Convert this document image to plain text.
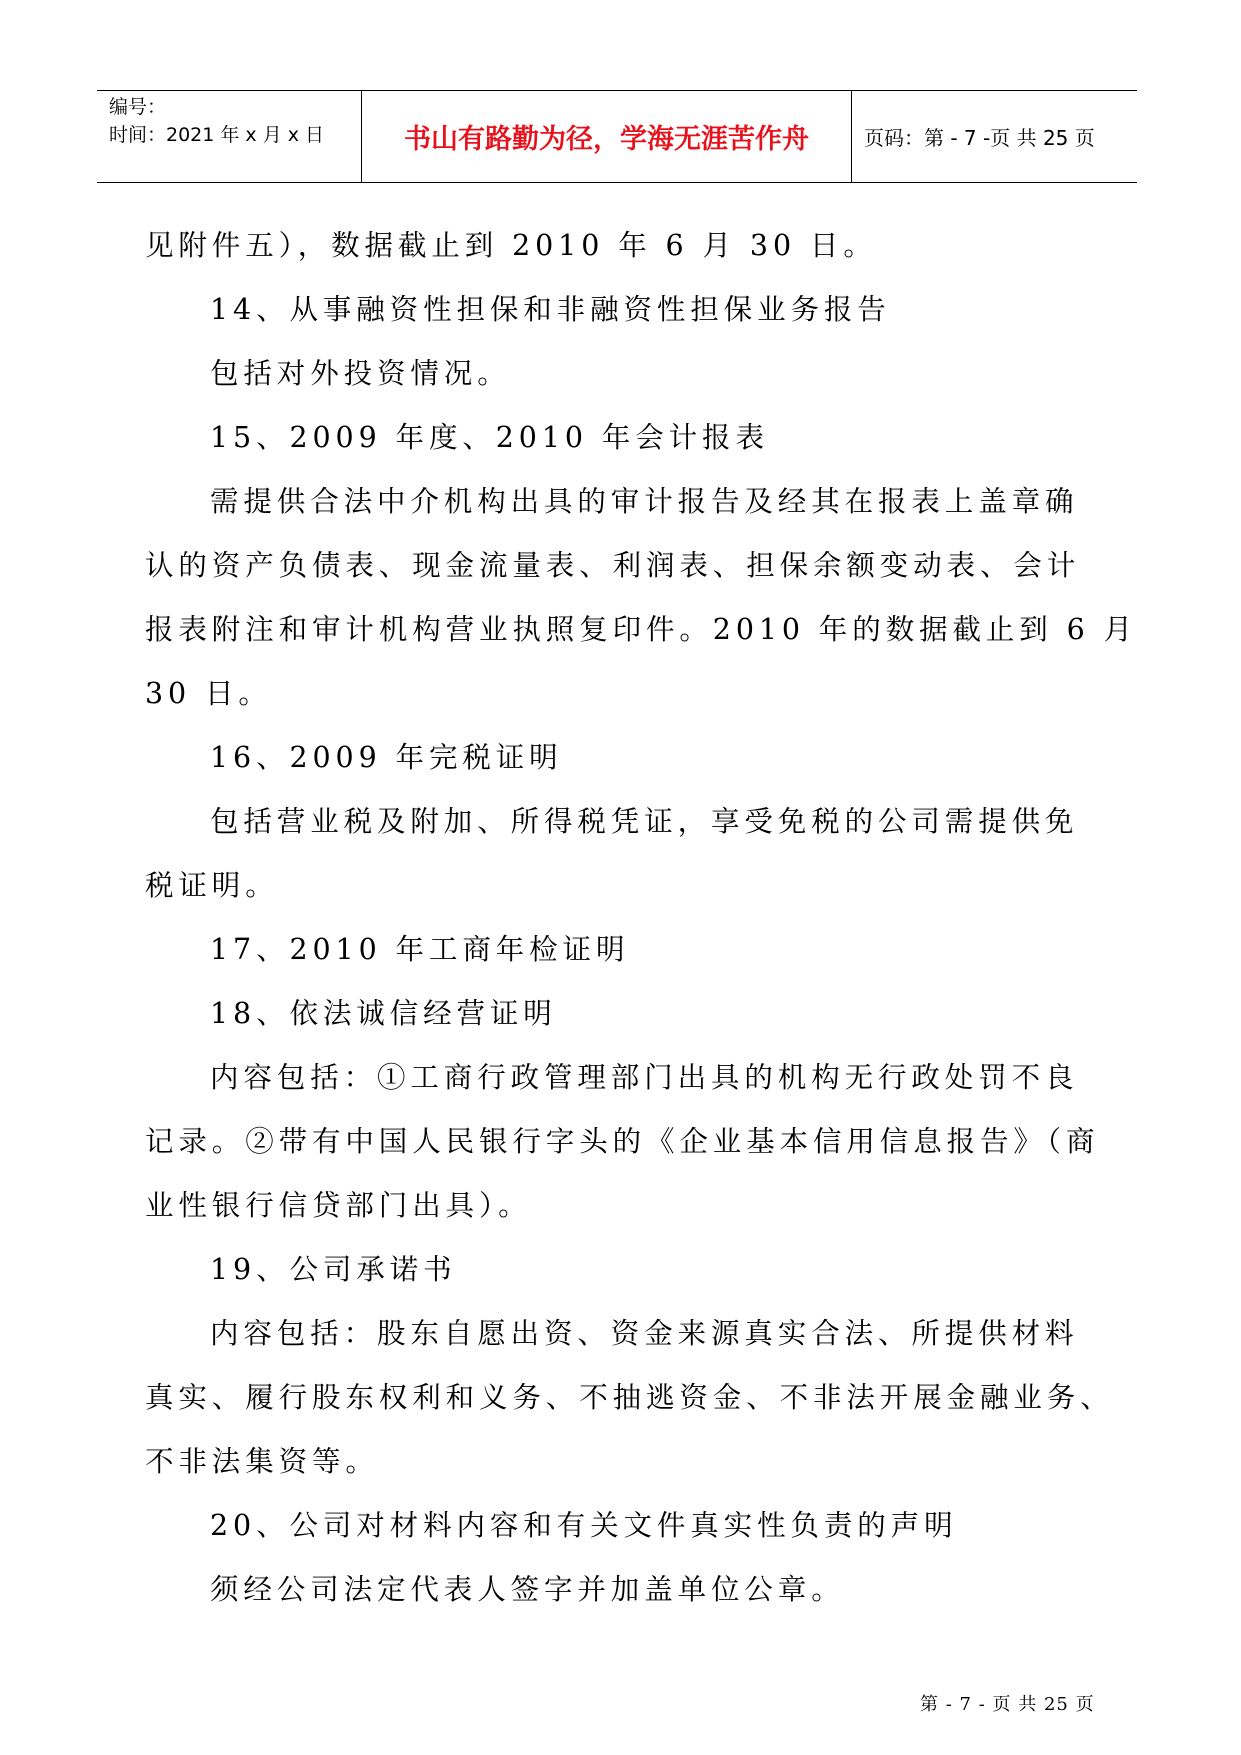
编号：
时间：2021 年 x 月 x 日	书山有路勤为径，学海无涯苦作舟	页码：第 - 7 -页 共 25 页

见附件五），数据截止到 2010 年 6 月 30 日。

14、从事融资性担保和非融资性担保业务报告

包括对外投资情况。

15、2009 年度、2010 年会计报表

需提供合法中介机构出具的审计报告及经其在报表上盖章确

认的资产负债表、现金流量表、利润表、担保余额变动表、会计

报表附注和审计机构营业执照复印件。2010 年的数据截止到 6 月

30 日。

16、2009 年完税证明

包括营业税及附加、所得税凭证，享受免税的公司需提供免

税证明。

17、2010 年工商年检证明

18、依法诚信经营证明

内容包括：①工商行政管理部门出具的机构无行政处罚不良

记录。②带有中国人民银行字头的《企业基本信用信息报告》（商

业性银行信贷部门出具）。

19、公司承诺书

内容包括：股东自愿出资、资金来源真实合法、所提供材料

真实、履行股东权利和义务、不抽逃资金、不非法开展金融业务、

不非法集资等。

20、公司对材料内容和有关文件真实性负责的声明

须经公司法定代表人签字并加盖单位公章。

第 - 7 - 页 共 25 页
